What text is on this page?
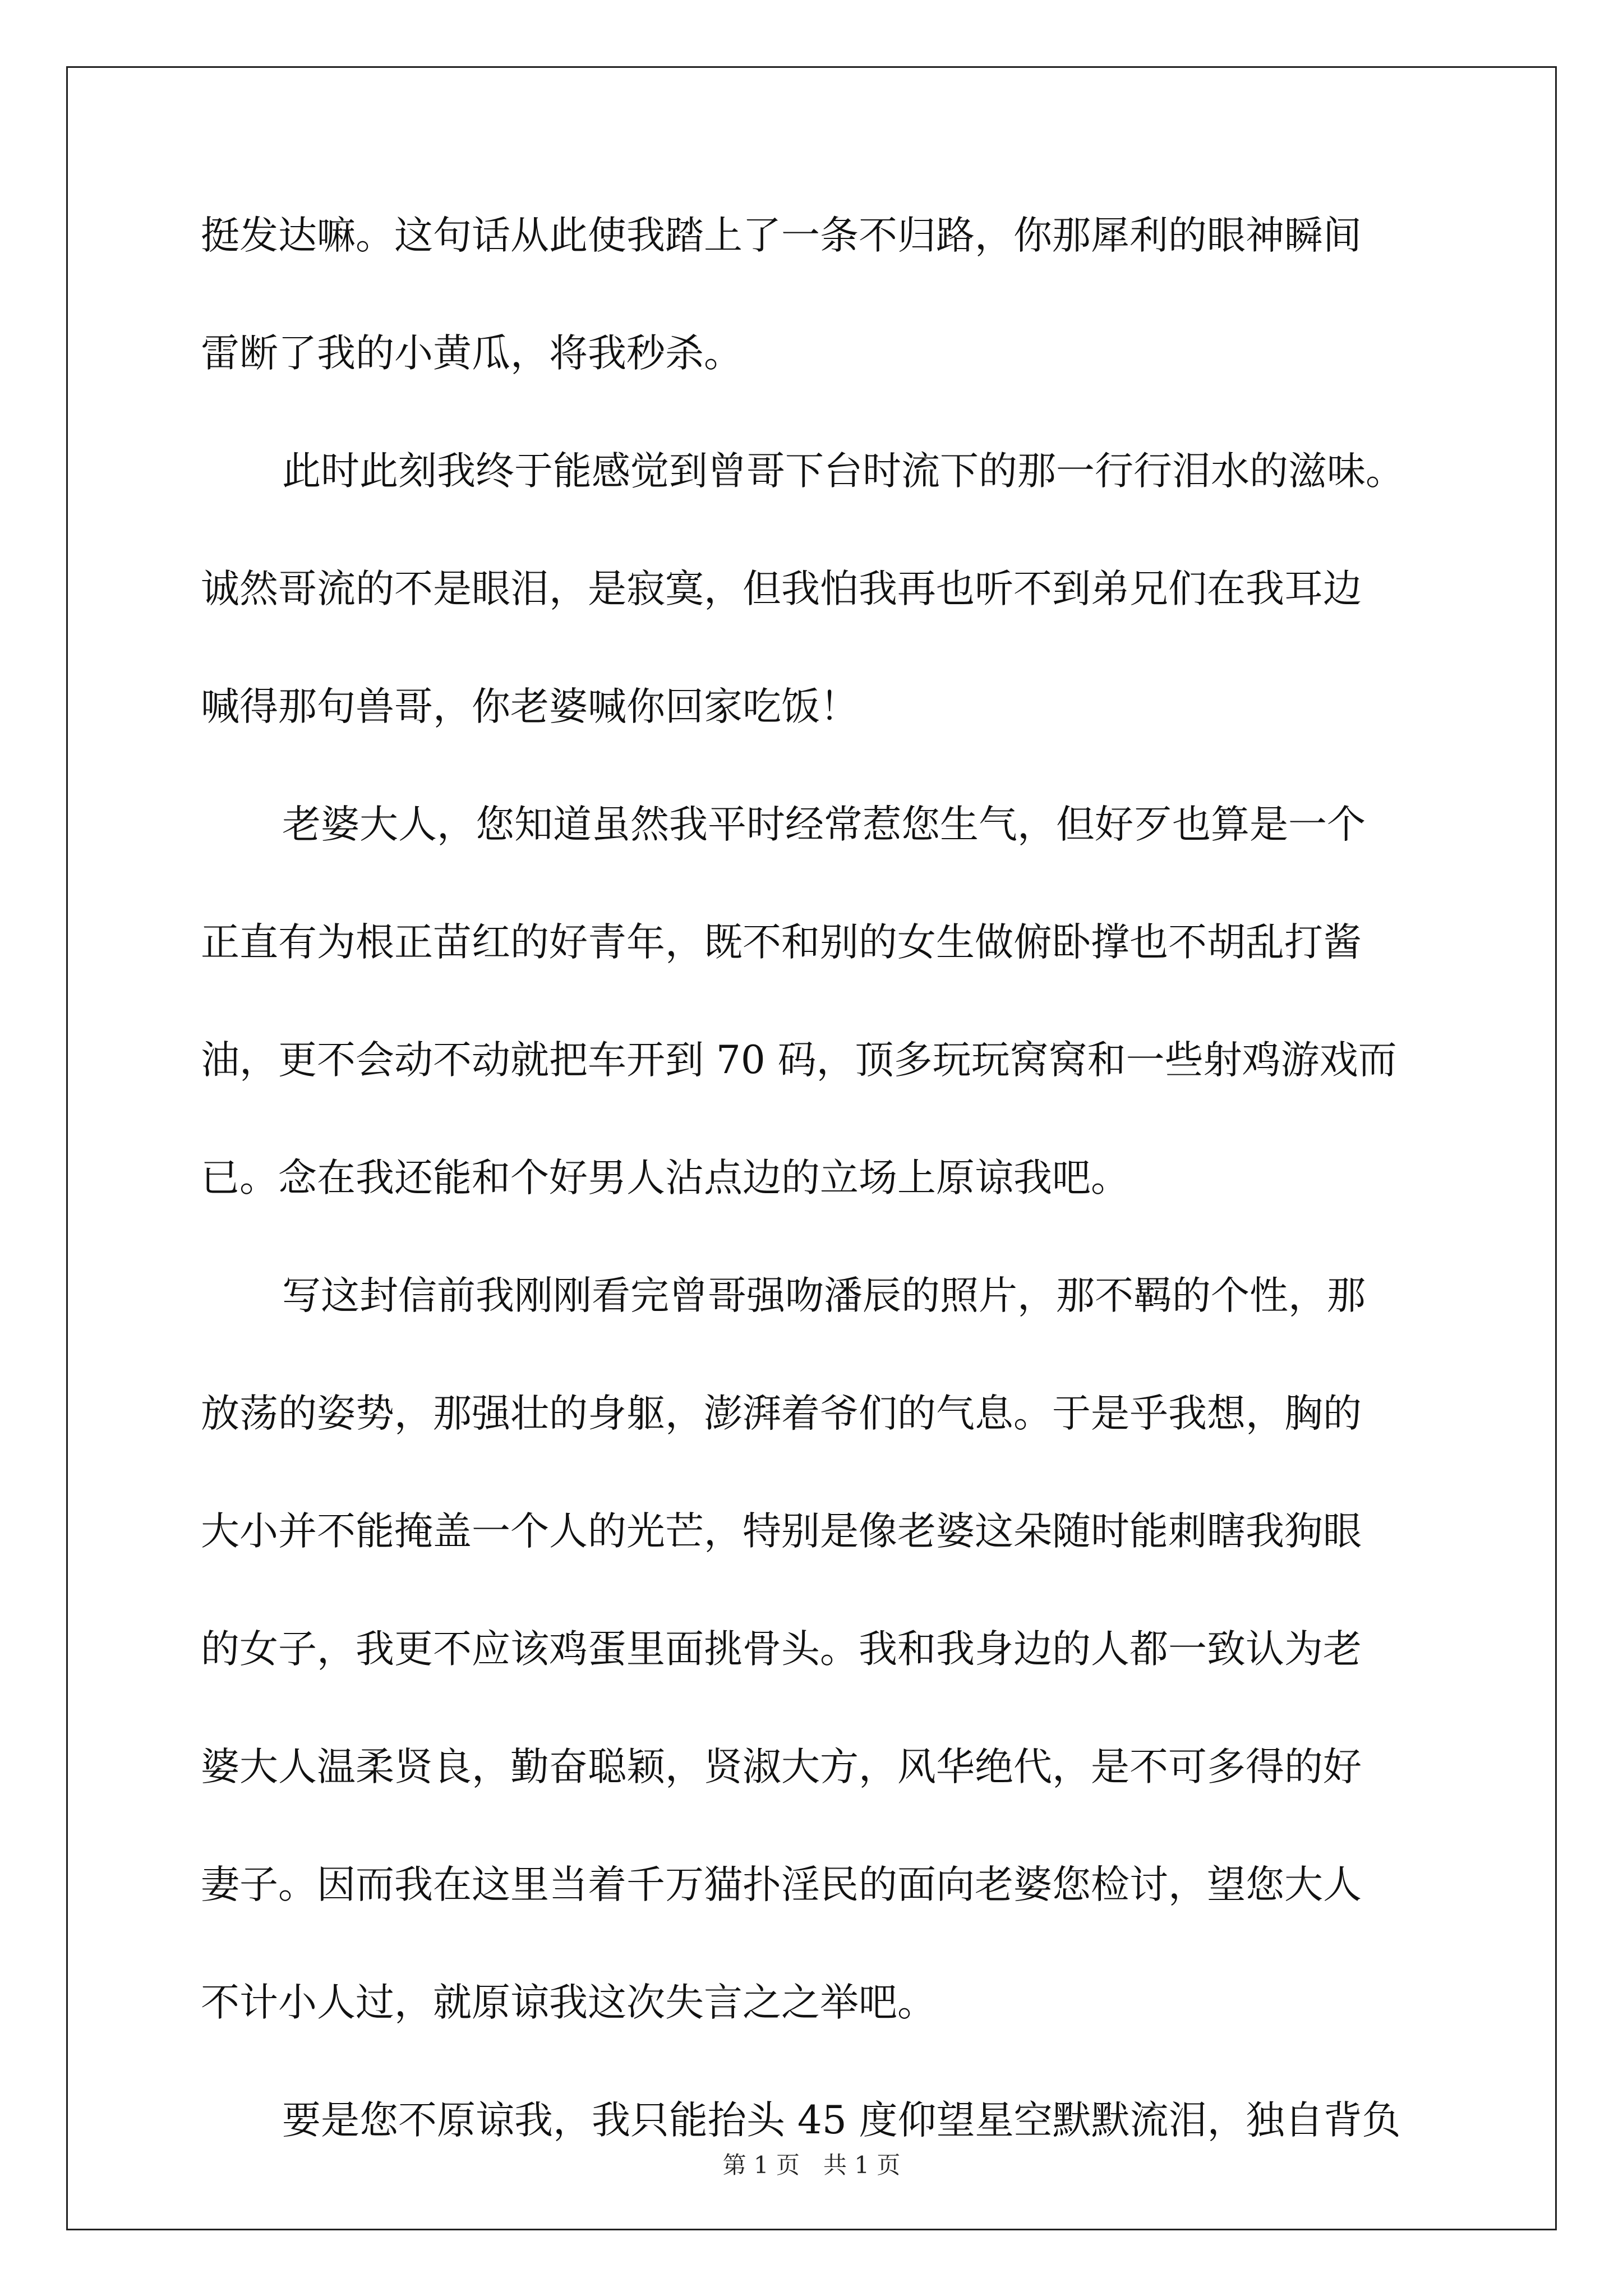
挺发达嘛。这句话从此使我踏上了一条不归路，你那犀利的眼神瞬间
雷断了我的小黄瓜，将我秒杀。
此时此刻我终于能感觉到曾哥下台时流下的那一行行泪水的滋味。
诚然哥流的不是眼泪，是寂寞，但我怕我再也听不到弟兄们在我耳边
喊得那句兽哥，你老婆喊你回家吃饭！
老婆大人，您知道虽然我平时经常惹您生气，但好歹也算是一个
正直有为根正苗红的好青年，既不和别的女生做俯卧撑也不胡乱打酱
油，更不会动不动就把车开到 70 码，顶多玩玩窝窝和一些射鸡游戏而
已。念在我还能和个好男人沾点边的立场上原谅我吧。
写这封信前我刚刚看完曾哥强吻潘辰的照片，那不羁的个性，那
放荡的姿势，那强壮的身躯，澎湃着爷们的气息。于是乎我想，胸的
大小并不能掩盖一个人的光芒，特别是像老婆这朵随时能刺瞎我狗眼
的女子，我更不应该鸡蛋里面挑骨头。我和我身边的人都一致认为老
婆大人温柔贤良，勤奋聪颖，贤淑大方，风华绝代，是不可多得的好
妻子。因而我在这里当着千万猫扑淫民的面向老婆您检讨，望您大人
不计小人过，就原谅我这次失言之之举吧。
要是您不原谅我，我只能抬头 45 度仰望星空默默流泪，独自背负
第 1 页　共 1 页
